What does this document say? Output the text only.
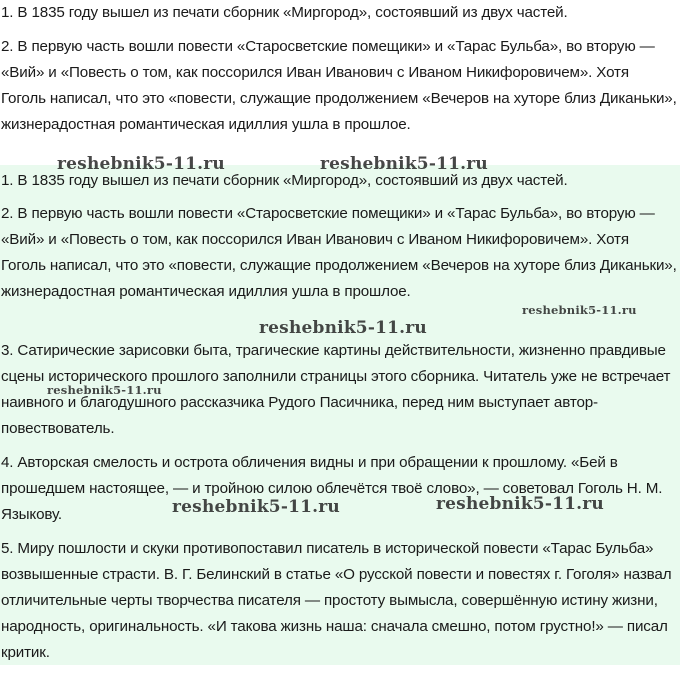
1. В 1835 году вышел из печати сборник «Миргород», состоявший из двух частей.

2. В первую часть вошли повести «Старосветские помещики» и «Тарас Бульба», во вторую — «Вий» и «Повесть о том, как поссорился Иван Иванович с Иваном Никифоровичем». Хотя Гоголь написал, что это «повести, служащие продолжением «Вечеров на хуторе близ Диканьки», жизнерадостная романтическая идиллия ушла в прошлое.

1. В 1835 году вышел из печати сборник «Миргород», состоявший из двух частей.

2. В первую часть вошли повести «Старосветские помещики» и «Тарас Бульба», во вторую — «Вий» и «Повесть о том, как поссорился Иван Иванович с Иваном Никифоровичем». Хотя Гоголь написал, что это «повести, служащие продолжением «Вечеров на хуторе близ Диканьки», жизнерадостная романтическая идиллия ушла в прошлое.

3. Сатирические зарисовки быта, трагические картины действительности, жизненно правдивые сцены исторического прошлого заполнили страницы этого сборника. Читатель уже не встречает наивного и благодушного рассказчика Рудого Пасичника, перед ним выступает автор-повествователь.

4. Авторская смелость и острота обличения видны и при обращении к прошлому. «Бей в прошедшем настоящее, — и тройною силою облечётся твоё слово», — советовал Гоголь Н. М. Языкову.

5. Миру пошлости и скуки противопоставил писатель в исторической повести «Тарас Бульба» возвышенные страсти. В. Г. Белинский в статье «О русской повести и повестях г. Гоголя» назвал отличительные черты творчества писателя — простоту вымысла, совершённую истину жизни, народность, оригинальность. «И такова жизнь наша: сначала смешно, потом грустно!» — писал критик.

reshebnik5-11.ru	reshebnik5-11.ru
reshebnik5-11.ru
reshebnik5-11.ru
reshebnik5-11.ru
reshebnik5-11.ru	reshebnik5-11.ru
